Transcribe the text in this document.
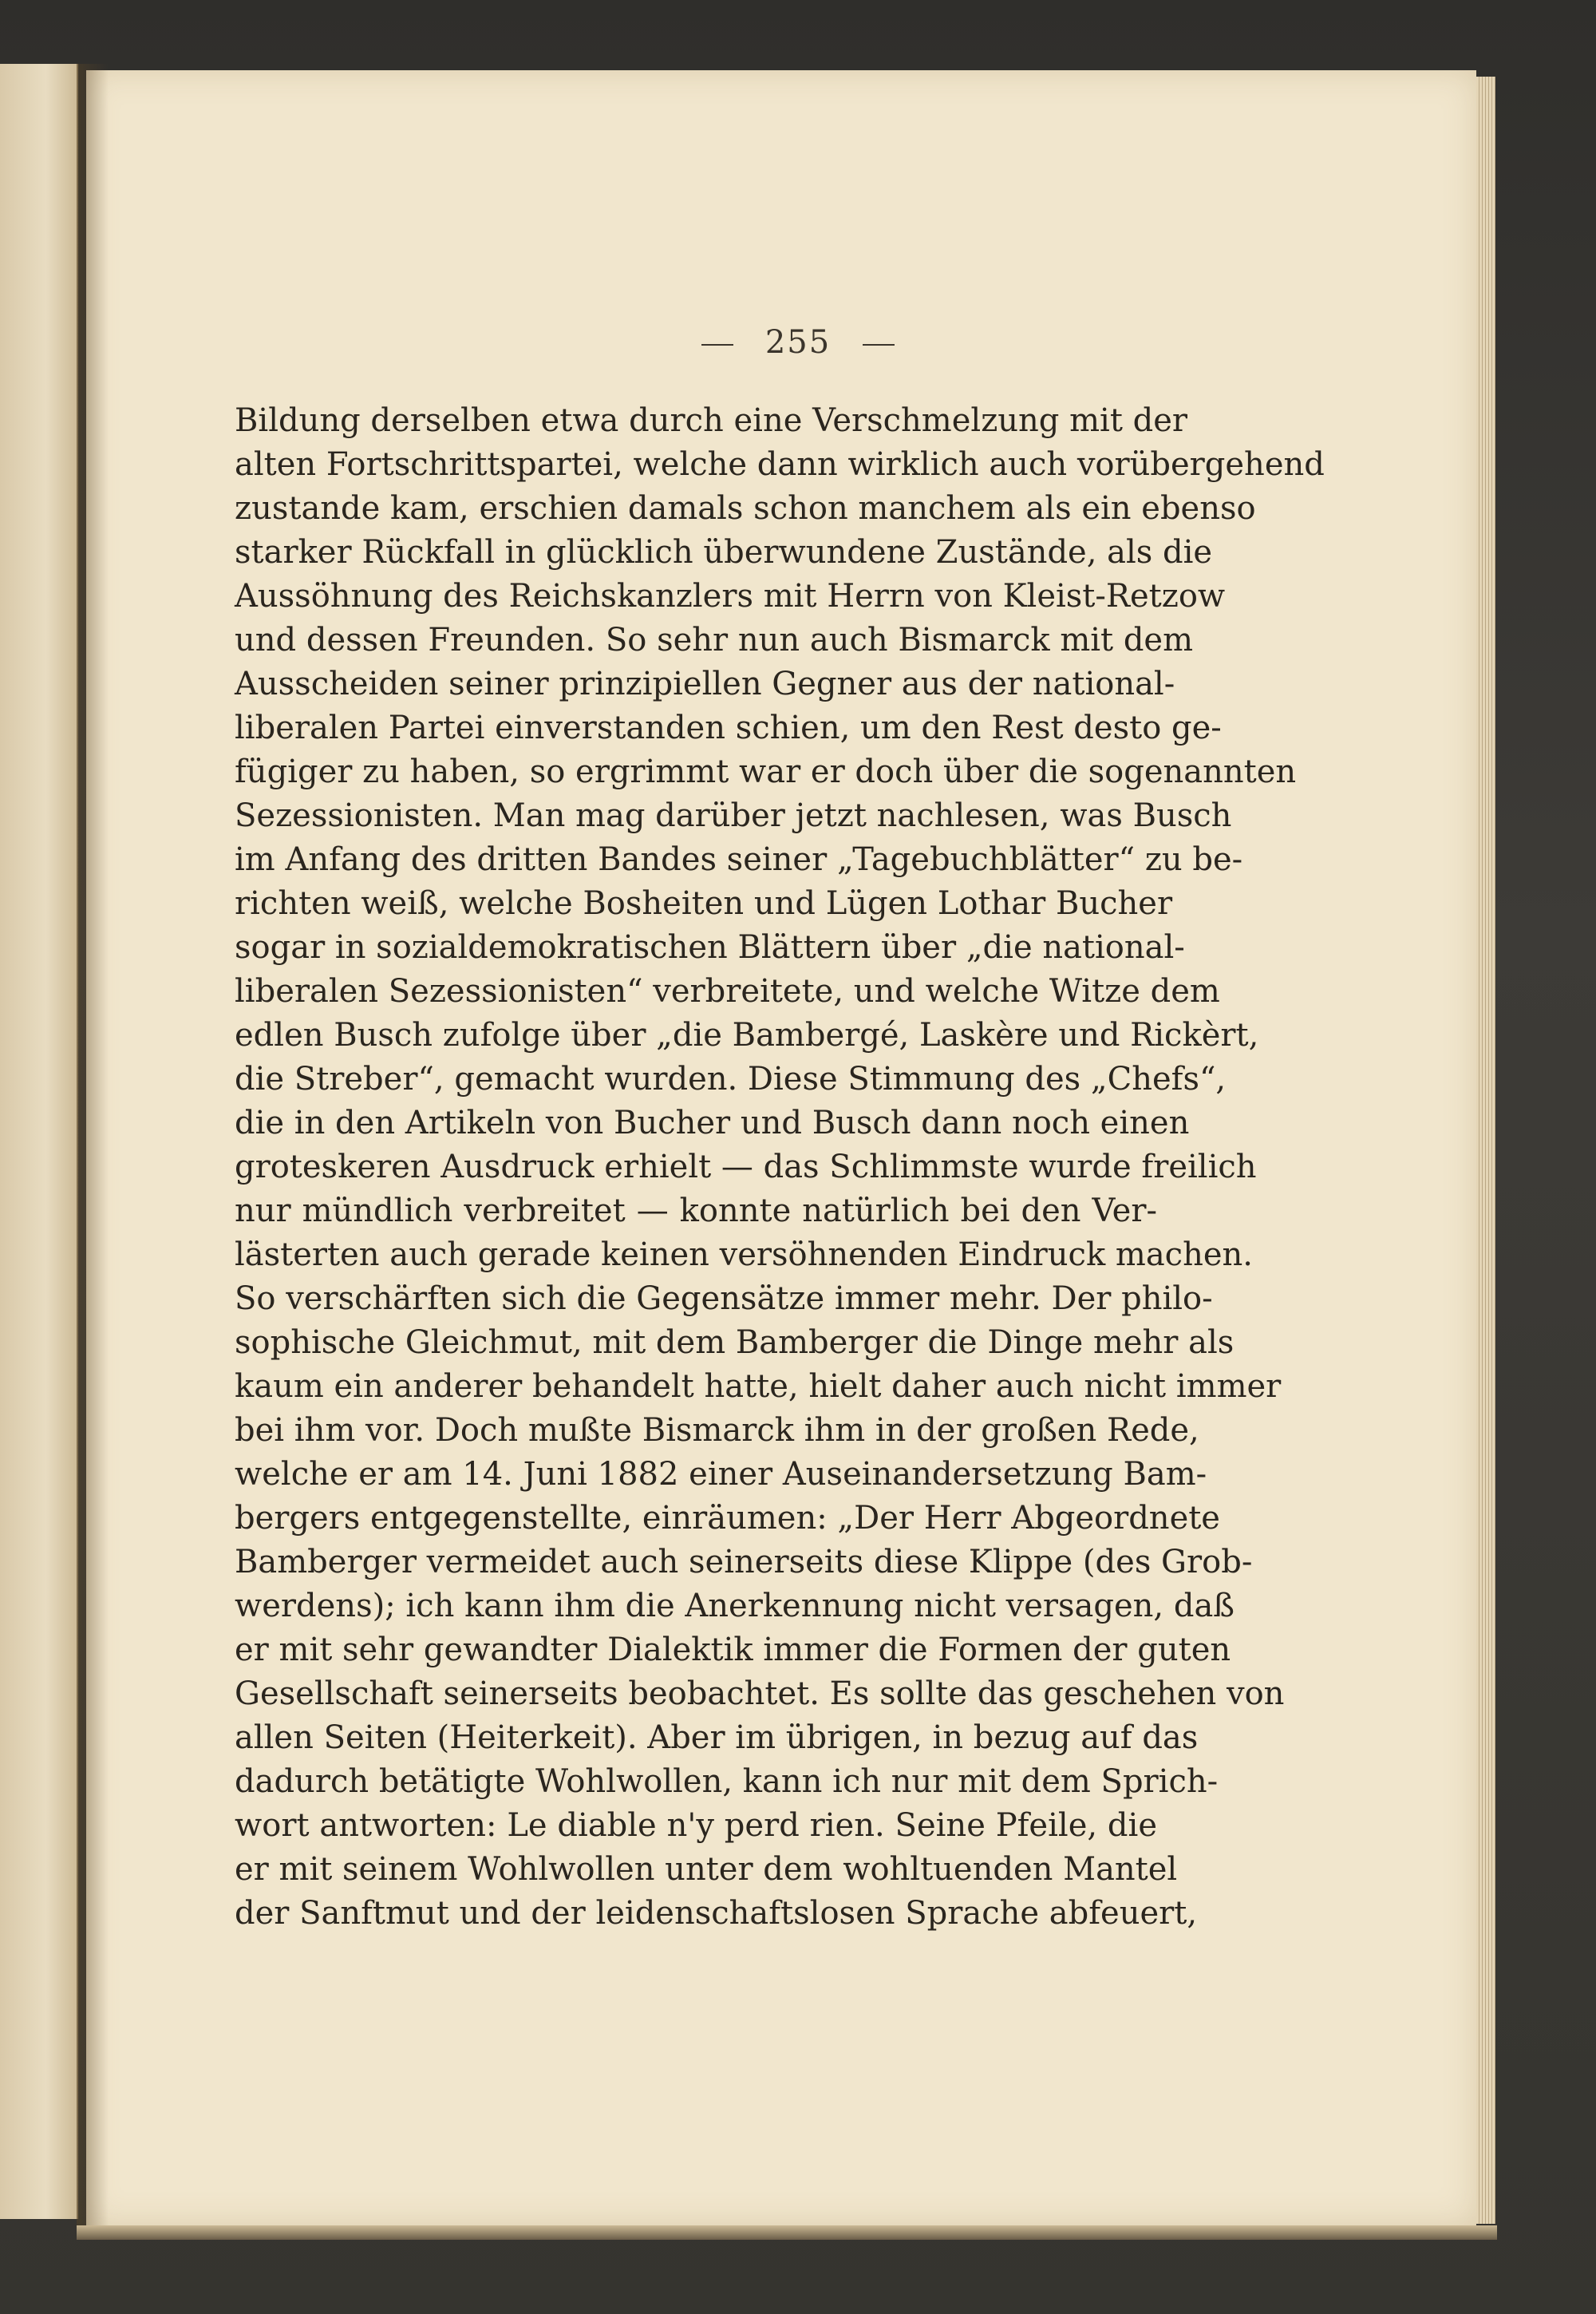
255
Bildung derselben etwa durch eine Verschmelzung mit der
alten Fortschrittspartei, welche dann wirklich auch vorübergehend
zustande kam, erschien damals schon manchem als ein ebenso
starker Rückfall in glücklich überwundene Zustände, als die
Aussöhnung des Reichskanzlers mit Herrn von Kleist-Retzow
und dessen Freunden. So sehr nun auch Bismarck mit dem
Ausscheiden seiner prinzipiellen Gegner aus der national-
liberalen Partei einverstanden schien, um den Rest desto ge-
fügiger zu haben, so ergrimmt war er doch über die sogenannten
Sezessionisten. Man mag darüber jetzt nachlesen, was Busch
im Anfang des dritten Bandes seiner „Tagebuchblätter“ zu be-
richten weiß, welche Bosheiten und Lügen Lothar Bucher
sogar in sozialdemokratischen Blättern über „die national-
liberalen Sezessionisten“ verbreitete, und welche Witze dem
edlen Busch zufolge über „die Bambergé, Laskère und Rickèrt,
die Streber“, gemacht wurden. Diese Stimmung des „Chefs“,
die in den Artikeln von Bucher und Busch dann noch einen
groteskeren Ausdruck erhielt — das Schlimmste wurde freilich
nur mündlich verbreitet — konnte natürlich bei den Ver-
lästerten auch gerade keinen versöhnenden Eindruck machen.
So verschärften sich die Gegensätze immer mehr. Der philo-
sophische Gleichmut, mit dem Bamberger die Dinge mehr als
kaum ein anderer behandelt hatte, hielt daher auch nicht immer
bei ihm vor. Doch mußte Bismarck ihm in der großen Rede,
welche er am 14. Juni 1882 einer Auseinandersetzung Bam-
bergers entgegenstellte, einräumen: „Der Herr Abgeordnete
Bamberger vermeidet auch seinerseits diese Klippe (des Grob-
werdens); ich kann ihm die Anerkennung nicht versagen, daß
er mit sehr gewandter Dialektik immer die Formen der guten
Gesellschaft seinerseits beobachtet. Es sollte das geschehen von
allen Seiten (Heiterkeit). Aber im übrigen, in bezug auf das
dadurch betätigte Wohlwollen, kann ich nur mit dem Sprich-
wort antworten: Le diable n'y perd rien. Seine Pfeile, die
er mit seinem Wohlwollen unter dem wohltuenden Mantel
der Sanftmut und der leidenschaftslosen Sprache abfeuert,
